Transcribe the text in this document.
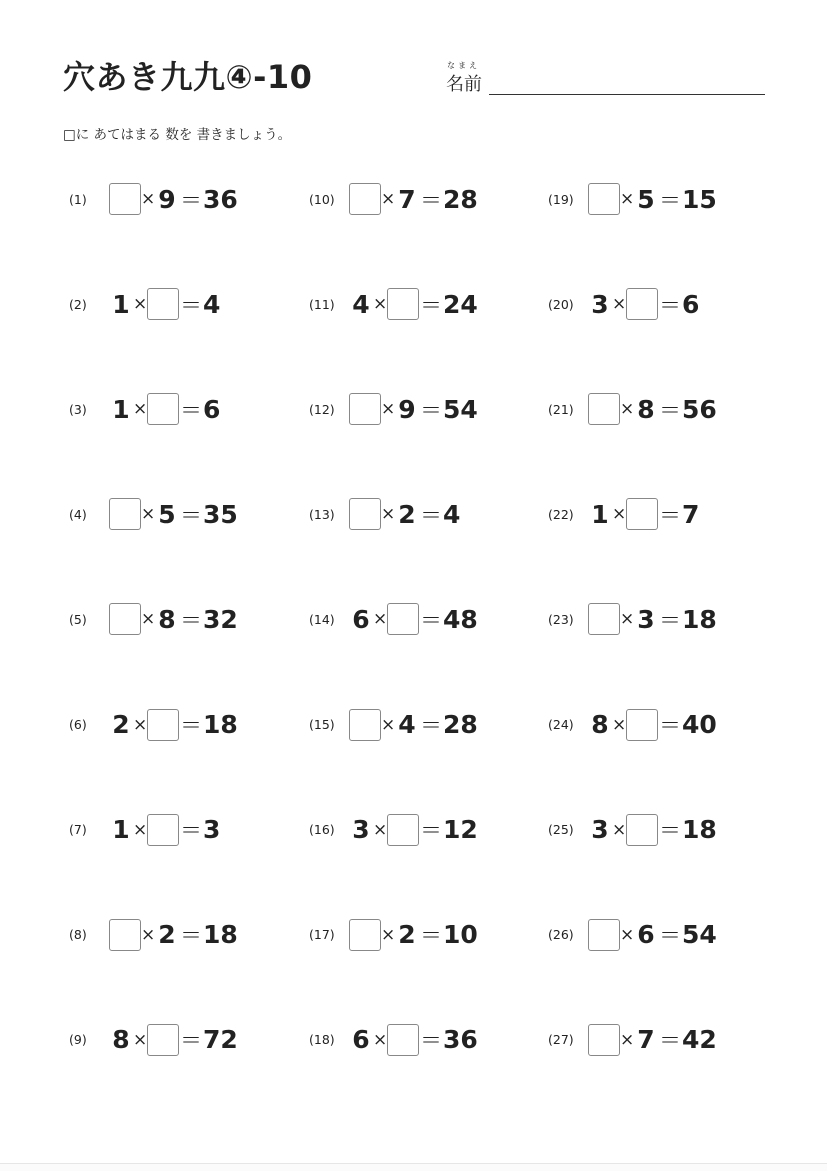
穴あき九九④-10	なまえ
名前
□に あてはまる 数を 書きましょう。
(1)	× 9 ＝ 36
(2)	1 × ＝ 4
(3)	1 × ＝ 6
(4)	× 5 ＝ 35
(5)	× 8 ＝ 32
(6)	2 × ＝ 18
(7)	1 × ＝ 3
(8)	× 2 ＝ 18
(9)	8 × ＝ 72
(10)	× 7 ＝ 28
(11) 4 × ＝ 24
(12)	× 9 ＝ 54
(13)	× 2 ＝ 4
(14) 6 × ＝ 48
(15)	× 4 ＝ 28
(16) 3 × ＝ 12
(17)	× 2 ＝ 10
(18) 6 × ＝ 36
(19)	× 5 ＝ 15
(20) 3 × ＝ 6
(21)	× 8 ＝ 56
(22) 1 × ＝ 7
(23)	× 3 ＝ 18
(24) 8 × ＝ 40
(25) 3 × ＝ 18
(26)	× 6 ＝ 54
(27)	× 7 ＝ 42
